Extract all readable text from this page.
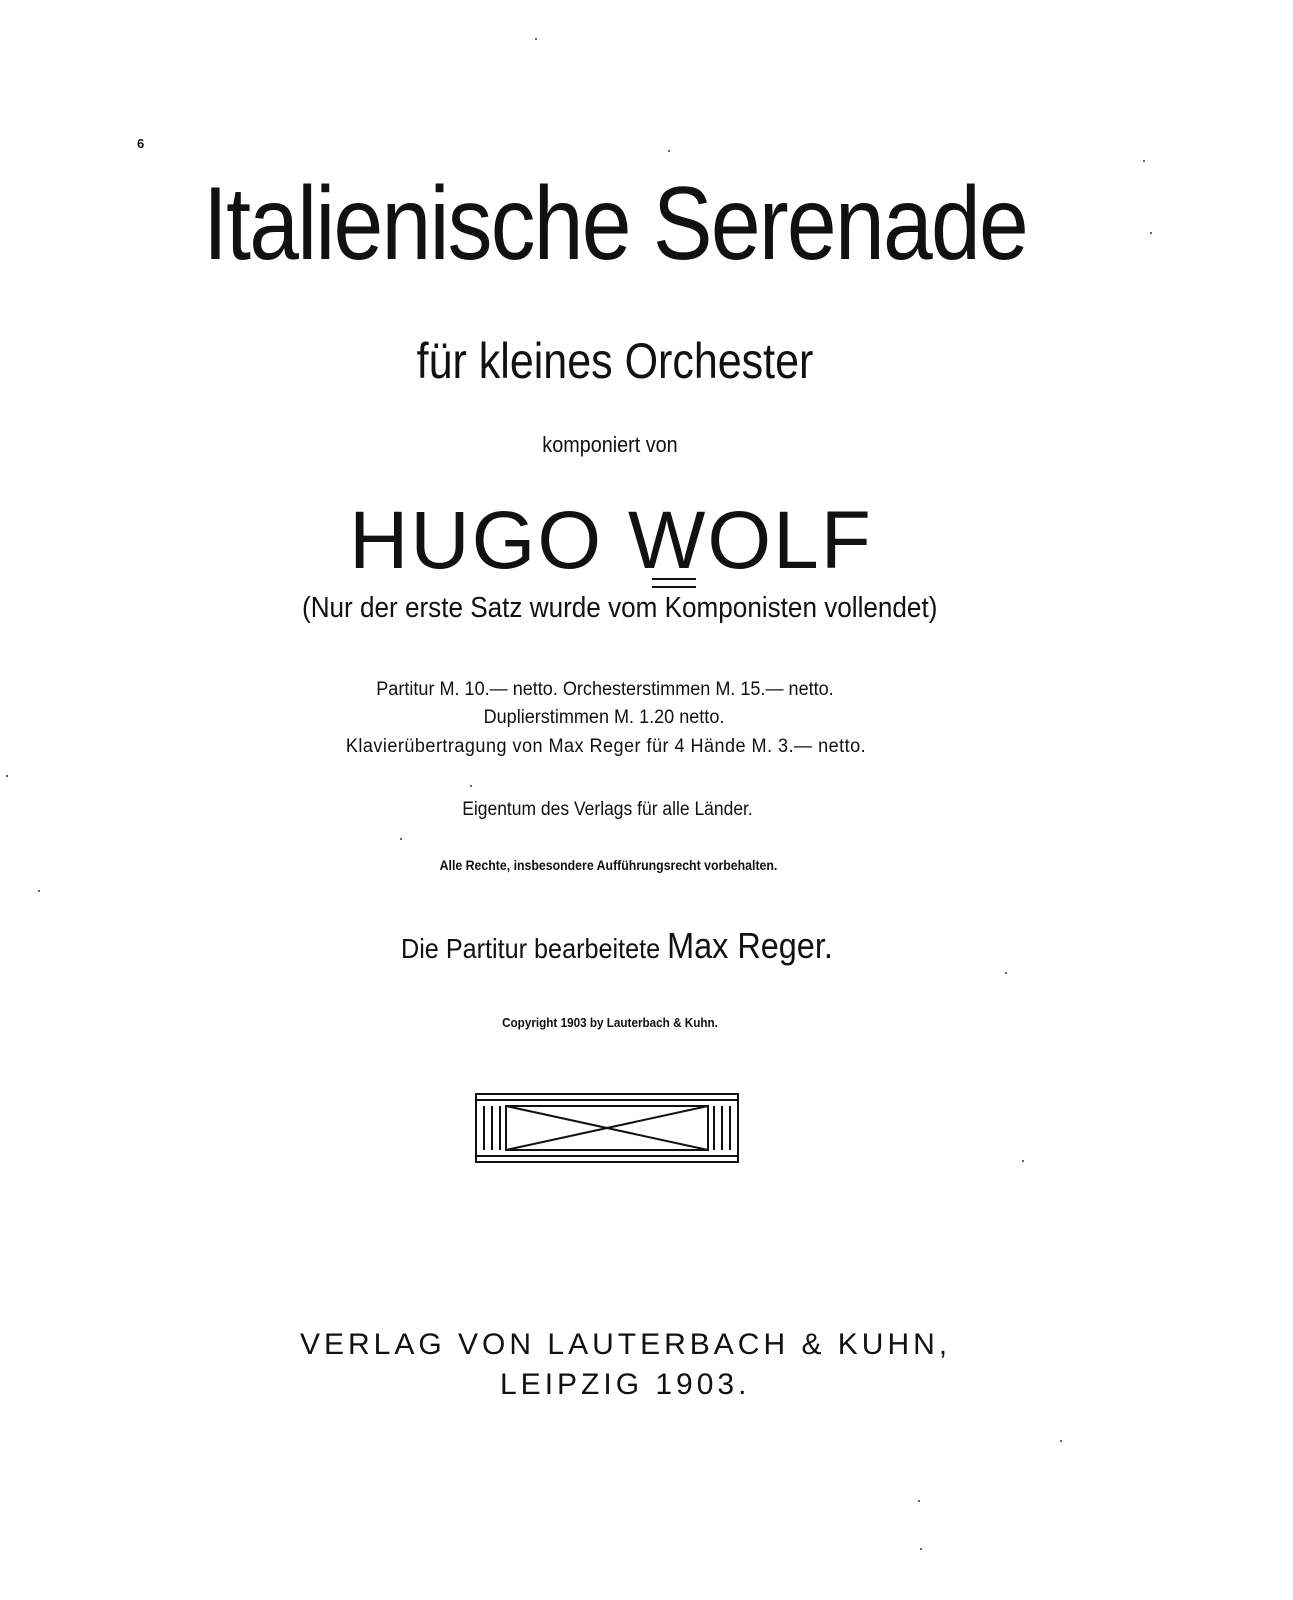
6
Italienische Serenade
für kleines Orchester
komponiert von
HUGO WOLF
(Nur der erste Satz wurde vom Komponisten vollendet)
Partitur M. 10.— netto. Orchesterstimmen M. 15.— netto.
Duplierstimmen M. 1.20 netto.
Klavierübertragung von Max Reger für 4 Hände M. 3.— netto.
Eigentum des Verlags für alle Länder.
Alle Rechte, insbesondere Aufführungsrecht vorbehalten.
Die Partitur bearbeitete Max Reger.
Copyright 1903 by Lauterbach & Kuhn.
VERLAG VON LAUTERBACH & KUHN,
LEIPZIG 1903.
